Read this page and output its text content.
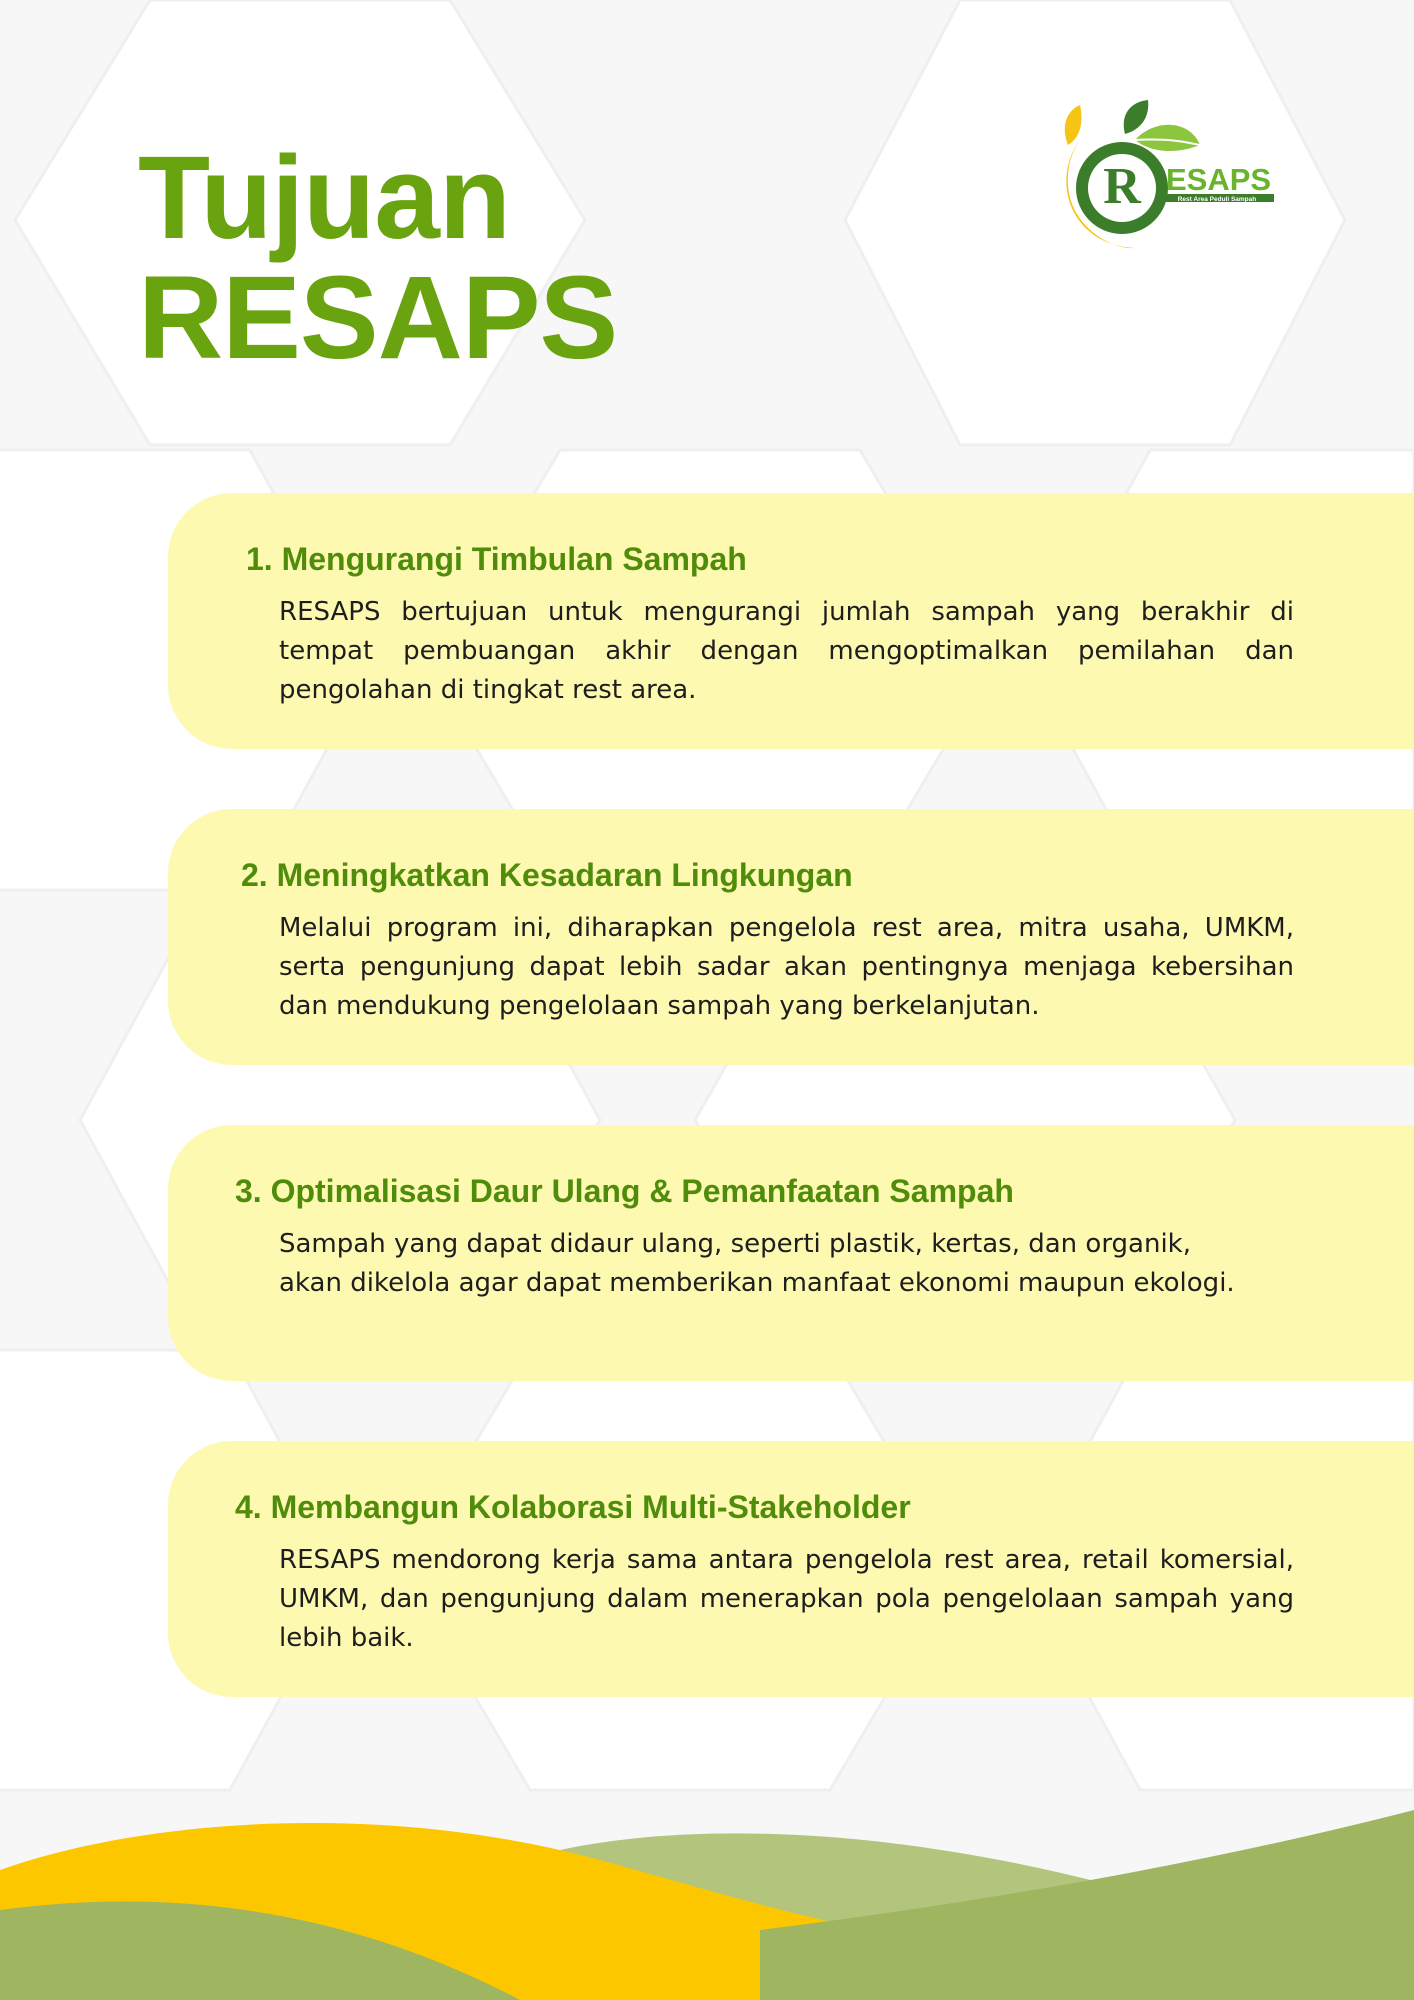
Tujuan
RESAPS
R ESAPS
Rest Area Peduli Sampah
1. Mengurangi Timbulan Sampah

RESAPS bertujuan untuk mengurangi jumlah sampah yang berakhir di tempat pembuangan akhir dengan mengoptimalkan pemilahan dan pengolahan di tingkat rest area.

2. Meningkatkan Kesadaran Lingkungan

Melalui program ini, diharapkan pengelola rest area, mitra usaha, UMKM, serta pengunjung dapat lebih sadar akan pentingnya menjaga kebersihan dan mendukung pengelolaan sampah yang berkelanjutan.

3. Optimalisasi Daur Ulang & Pemanfaatan Sampah

Sampah yang dapat didaur ulang, seperti plastik, kertas, dan organik,
akan dikelola agar dapat memberikan manfaat ekonomi maupun ekologi.

4. Membangun Kolaborasi Multi-Stakeholder

RESAPS mendorong kerja sama antara pengelola rest area, retail komersial, UMKM, dan pengunjung dalam menerapkan pola pengelolaan sampah yang lebih baik.
